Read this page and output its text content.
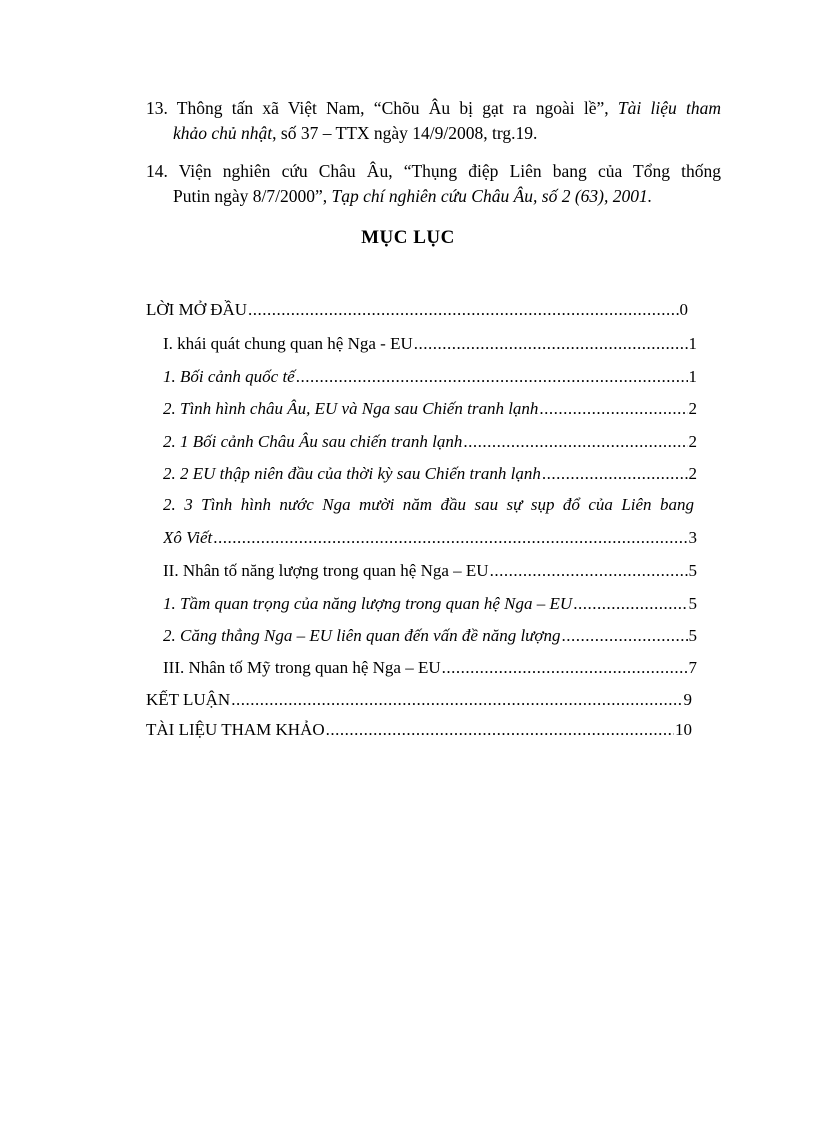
13. Thông tấn xã Việt Nam, “Chõu Âu bị gạt ra ngoài lề”, Tài liệu tham
khảo chủ nhật, số 37 – TTX ngày 14/9/2008, trg.19.
14. Viện nghiên cứu Châu Âu, “Thụng điệp Liên bang của Tổng thống
Putin ngày 8/7/2000”, Tạp chí nghiên cứu Châu Âu, số 2 (63), 2001.
MỤC LỤC
LỜI MỞ ĐẦU .....	0
I. khái quát chung quan hệ Nga - EU .....	1
1. Bối cảnh quốc tế .....	1
2. Tình hình châu Âu, EU và Nga sau Chiến tranh lạnh .....	2
2. 1 Bối cảnh Châu Âu sau chiến tranh lạnh .....	2
2. 2 EU thập niên đầu của thời kỳ sau Chiến tranh lạnh .....	2
2. 3 Tình hình nước Nga mười năm đầu sau sự sụp đổ của Liên bang
Xô Viết .....	3
II. Nhân tố năng lượng trong quan hệ Nga – EU .....	5
1. Tầm quan trọng của năng lượng trong quan hệ Nga – EU .....	5
2. Căng thẳng Nga – EU liên quan đến vấn đề năng lượng .....	5
III. Nhân tố Mỹ trong quan hệ Nga – EU .....	7
KẾT LUẬN .....	9
TÀI LIỆU THAM KHẢO .....	10
